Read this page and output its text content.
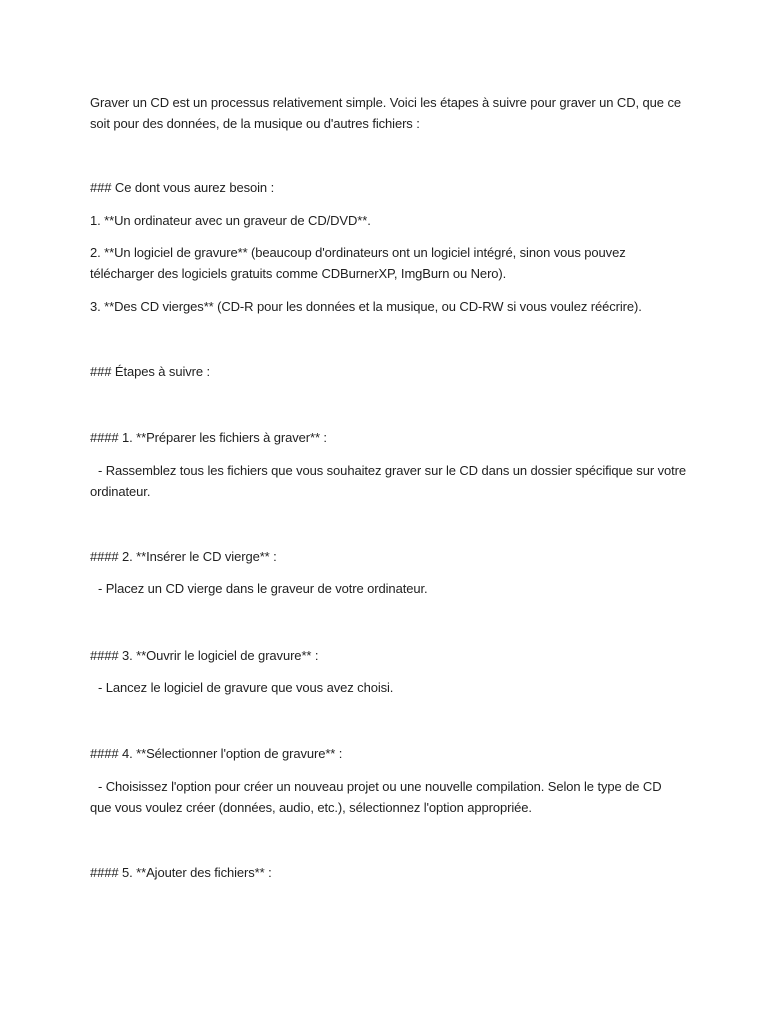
Graver un CD est un processus relativement simple. Voici les étapes à suivre pour graver un CD, que ce
soit pour des données, de la musique ou d'autres fichiers :
### Ce dont vous aurez besoin :
1. **Un ordinateur avec un graveur de CD/DVD**.
2. **Un logiciel de gravure** (beaucoup d'ordinateurs ont un logiciel intégré, sinon vous pouvez
télécharger des logiciels gratuits comme CDBurnerXP, ImgBurn ou Nero).
3. **Des CD vierges** (CD-R pour les données et la musique, ou CD-RW si vous voulez réécrire).
### Étapes à suivre :
#### 1. **Préparer les fichiers à graver** :
- Rassemblez tous les fichiers que vous souhaitez graver sur le CD dans un dossier spécifique sur votre
ordinateur.
#### 2. **Insérer le CD vierge** :
- Placez un CD vierge dans le graveur de votre ordinateur.
#### 3. **Ouvrir le logiciel de gravure** :
- Lancez le logiciel de gravure que vous avez choisi.
#### 4. **Sélectionner l'option de gravure** :
- Choisissez l'option pour créer un nouveau projet ou une nouvelle compilation. Selon le type de CD
que vous voulez créer (données, audio, etc.), sélectionnez l'option appropriée.
#### 5. **Ajouter des fichiers** :
